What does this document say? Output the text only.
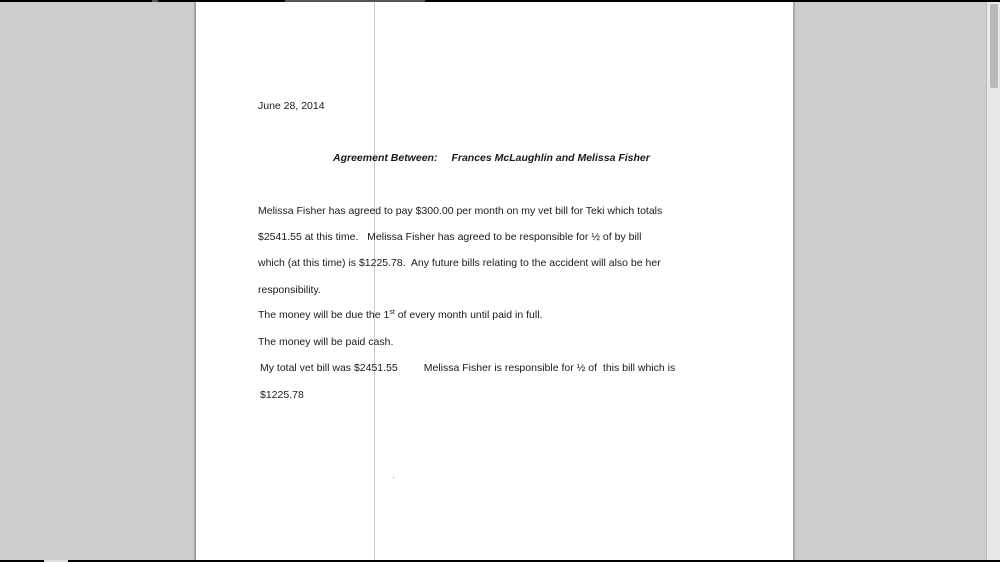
June 28, 2014
Agreement Between: Frances McLaughlin and Melissa Fisher
Melissa Fisher has agreed to pay $300.00 per month on my vet bill for Teki which totals
$2541.55 at this time.   Melissa Fisher has agreed to be responsible for ½ of by bill
which (at this time) is $1225.78.  Any future bills relating to the accident will also be her
responsibility.
The money will be due the 1st of every month until paid in full.
The money will be paid cash.
My total vet bill was $2451.55 Melissa Fisher is responsible for ½ of  this bill which is
$1225.78
